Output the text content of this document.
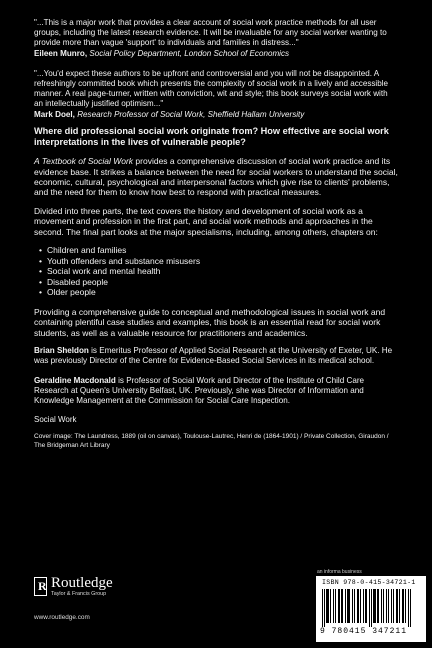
"...This is a major work that provides a clear account of social work practice methods for all user groups, including the latest research evidence. It will be invaluable for any social worker wanting to provide more than vague 'support' to individuals and families in distress..."

Eileen Munro, Social Policy Department, London School of Economics

"...You'd expect these authors to be upfront and controversial and you will not be disappointed. A refreshingly committed book which presents the complexity of social work in a lively and accessible manner. A real page-turner, written with conviction, wit and style; this book surveys social work with an intellectually justified optimism..."

Mark Doel, Research Professor of Social Work, Sheffield Hallam University

Where did professional social work originate from? How effective are social work interpretations in the lives of vulnerable people?

A Textbook of Social Work provides a comprehensive discussion of social work practice and its evidence base. It strikes a balance between the need for social workers to understand the social, economic, cultural, psychological and interpersonal factors which give rise to clients' problems, and the need for them to know how best to respond with practical measures.

Divided into three parts, the text covers the history and development of social work as a movement and profession in the first part, and social work methods and approaches in the second. The final part looks at the major specialisms, including, among others, chapters on:

• Children and families
• Youth offenders and substance misusers
• Social work and mental health
• Disabled people
• Older people

Providing a comprehensive guide to conceptual and methodological issues in social work and containing plentiful case studies and examples, this book is an essential read for social work students, as well as a valuable resource for practitioners and academics.

Brian Sheldon is Emeritus Professor of Applied Social Research at the University of Exeter, UK. He was previously Director of the Centre for Evidence-Based Social Services in its medical school.

Geraldine Macdonald is Professor of Social Work and Director of the Institute of Child Care Research at Queen's University Belfast, UK. Previously, she was Director of Information and Knowledge Management at the Commission for Social Care Inspection.

Social Work

Cover image: The Laundress, 1889 (oil on canvas), Toulouse-Lautrec, Henri de (1864-1901) / Private Collection, Giraudon / The Bridgeman Art Library

R Routledge
Taylor & Francis Group
www.routledge.com
an informa business
ISBN 978-0-415-34721-1
9 780415 347211
